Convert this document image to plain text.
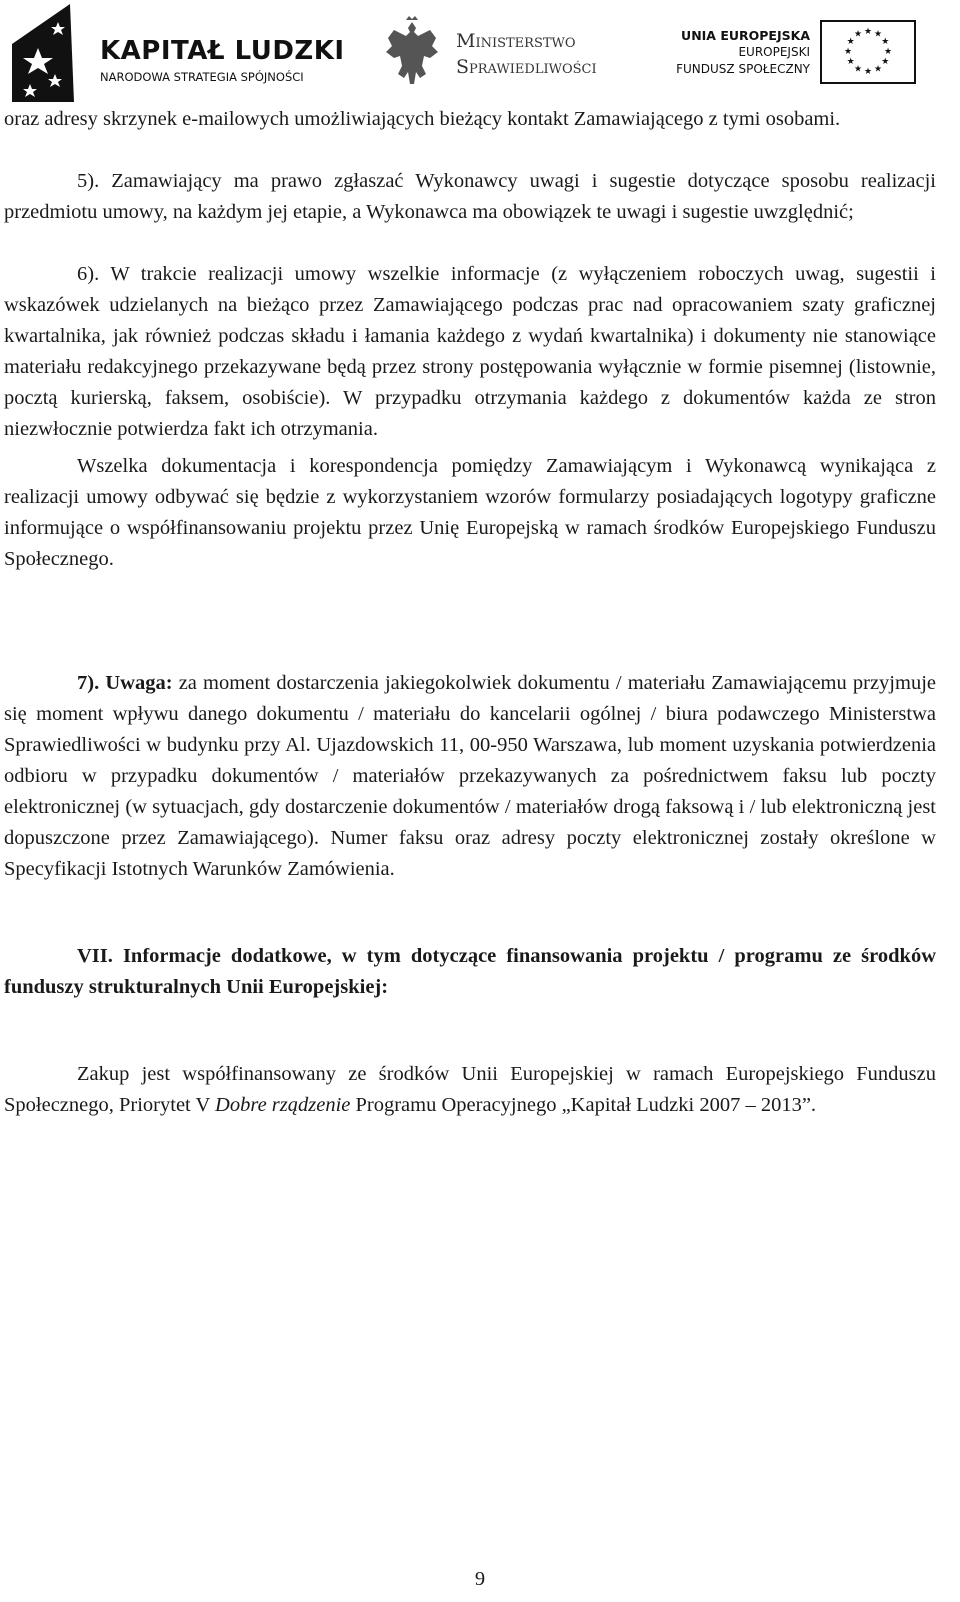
KAPITAŁ LUDZKI
NARODOWA STRATEGIA SPÓJNOŚCI
Ministerstwo
Sprawiedliwości
UNIA EUROPEJSKA
EUROPEJSKI
FUNDUSZ SPOŁECZNY
★ ★
★
★
★
★
★
★
★
★
★
★

oraz adresy skrzynek e-mailowych umożliwiających bieżący kontakt Zamawiającego z tymi osobami.

5). Zamawiający ma prawo zgłaszać Wykonawcy uwagi i sugestie dotyczące sposobu realizacji przedmiotu umowy, na każdym jej etapie, a Wykonawca ma obowiązek te uwagi i sugestie uwzględnić;

6). W trakcie realizacji umowy wszelkie informacje (z wyłączeniem roboczych uwag, sugestii i wskazówek udzielanych na bieżąco przez Zamawiającego podczas prac nad opracowaniem szaty graficznej kwartalnika, jak również podczas składu i łamania każdego z wydań kwartalnika) i dokumenty nie stanowiące materiału redakcyjnego przekazywane będą przez strony postępowania wyłącznie w formie pisemnej (listownie, pocztą kurierską, faksem, osobiście). W przypadku otrzymania każdego z dokumentów każda ze stron niezwłocznie potwierdza fakt ich otrzymania.

Wszelka dokumentacja i korespondencja pomiędzy Zamawiającym i Wykonawcą wynikająca z realizacji umowy odbywać się będzie z wykorzystaniem wzorów formularzy posiadających logotypy graficzne informujące o współfinansowaniu projektu przez Unię Europejską w ramach środków Europejskiego Funduszu Społecznego.

7). Uwaga: za moment dostarczenia jakiegokolwiek dokumentu / materiału Zamawiającemu przyjmuje się moment wpływu danego dokumentu / materiału do kancelarii ogólnej / biura podawczego Ministerstwa Sprawiedliwości w budynku przy Al. Ujazdowskich 11, 00-950 Warszawa, lub moment uzyskania potwierdzenia odbioru w przypadku dokumentów / materiałów przekazywanych za pośrednictwem faksu lub poczty elektronicznej (w sytuacjach, gdy dostarczenie dokumentów / materiałów drogą faksową i / lub elektroniczną jest dopuszczone przez Zamawiającego). Numer faksu oraz adresy poczty elektronicznej zostały określone w Specyfikacji Istotnych Warunków Zamówienia.

VII. Informacje dodatkowe, w tym dotyczące finansowania projektu / programu ze środków funduszy strukturalnych Unii Europejskiej:

Zakup jest współfinansowany ze środków Unii Europejskiej w ramach Europejskiego Funduszu Społecznego, Priorytet V Dobre rządzenie Programu Operacyjnego „Kapitał Ludzki 2007 – 2013”.

9
